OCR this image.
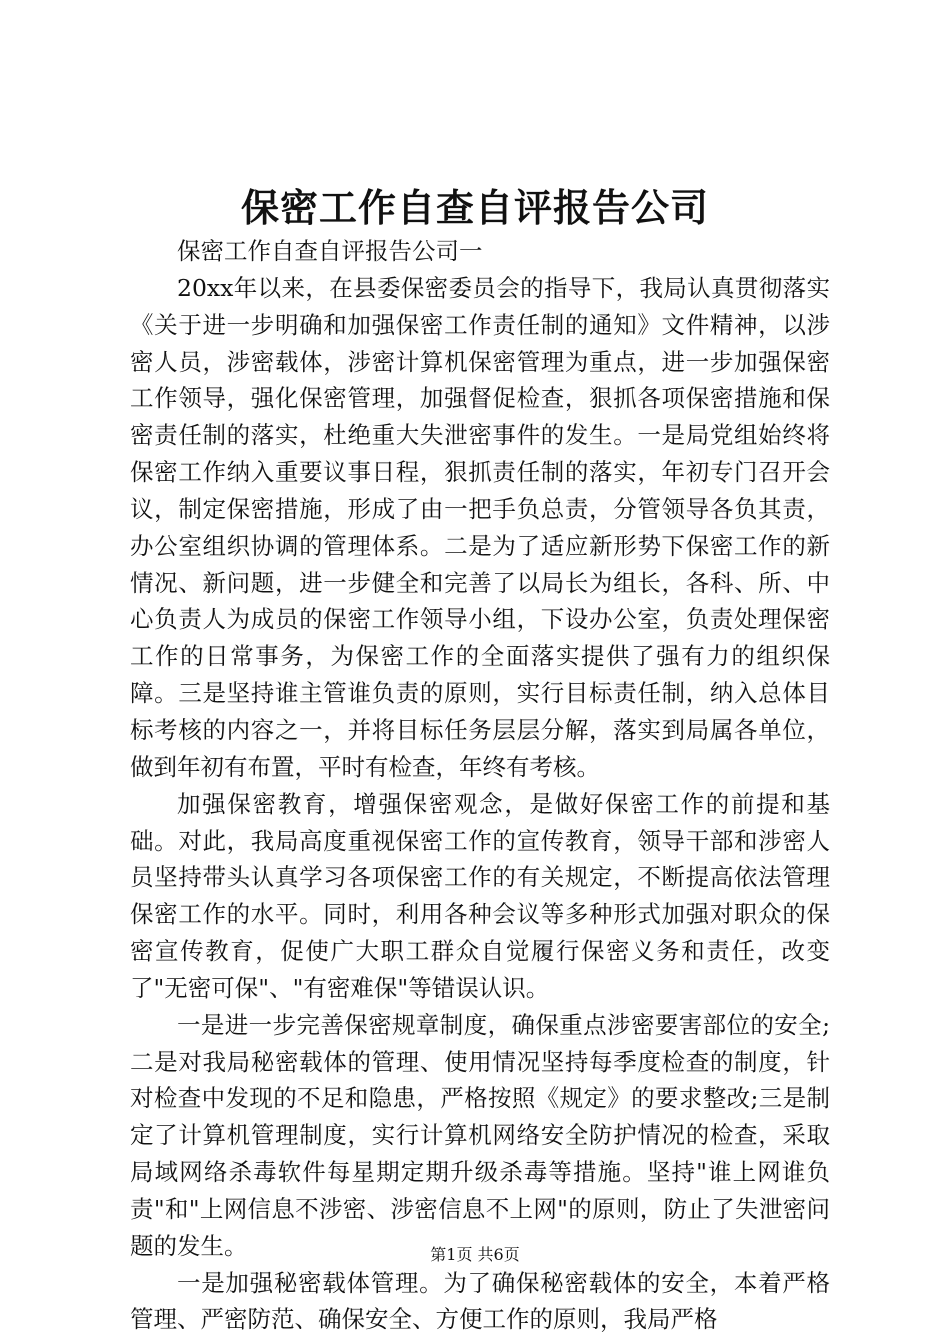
保密工作自查自评报告公司

保密工作自查自评报告公司一

20xx年以来，在县委保密委员会的指导下，我局认真贯彻落实《关于进一步明确和加强保密工作责任制的通知》文件精神，以涉密人员，涉密载体，涉密计算机保密管理为重点，进一步加强保密工作领导，强化保密管理，加强督促检查，狠抓各项保密措施和保密责任制的落实，杜绝重大失泄密事件的发生。一是局党组始终将保密工作纳入重要议事日程，狠抓责任制的落实，年初专门召开会议，制定保密措施，形成了由一把手负总责，分管领导各负其责，办公室组织协调的管理体系。二是为了适应新形势下保密工作的新情况、新问题，进一步健全和完善了以局长为组长，各科、所、中心负责人为成员的保密工作领导小组，下设办公室，负责处理保密工作的日常事务，为保密工作的全面落实提供了强有力的组织保障。三是坚持谁主管谁负责的原则，实行目标责任制，纳入总体目标考核的内容之一，并将目标任务层层分解，落实到局属各单位，做到年初有布置，平时有检查，年终有考核。

加强保密教育，增强保密观念，是做好保密工作的前提和基础。对此，我局高度重视保密工作的宣传教育，领导干部和涉密人员坚持带头认真学习各项保密工作的有关规定，不断提高依法管理保密工作的水平。同时，利用各种会议等多种形式加强对职众的保密宣传教育，促使广大职工群众自觉履行保密义务和责任，改变了"无密可保"、"有密难保"等错误认识。

一是进一步完善保密规章制度，确保重点涉密要害部位的安全;二是对我局秘密载体的管理、使用情况坚持每季度检查的制度，针对检查中发现的不足和隐患，严格按照《规定》的要求整改;三是制定了计算机管理制度，实行计算机网络安全防护情况的检查，采取局域网络杀毒软件每星期定期升级杀毒等措施。坚持"谁上网谁负责"和"上网信息不涉密、涉密信息不上网"的原则，防止了失泄密问题的发生。

一是加强秘密载体管理。为了确保秘密载体的安全，本着严格管理、严密防范、确保安全、方便工作的原则，我局严格

第1页 共6页
